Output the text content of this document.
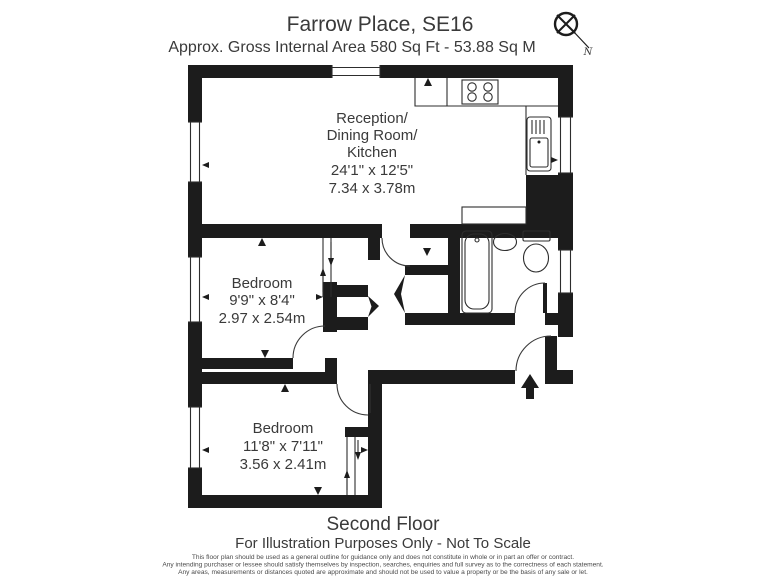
Farrow Place, SE16
Approx. Gross Internal Area 580 Sq Ft - 53.88 Sq M	N
Reception/
Dining Room/
Kitchen
24'1" x 12'5"
7.34 x 3.78m
Bedroom
9'9" x 8'4"
2.97 x 2.54m
Bedroom
11'8" x 7'11"
3.56 x 2.41m
Second Floor
For Illustration Purposes Only - Not To Scale
This floor plan should be used as a general outline for guidance only and does not constitute in whole or in part an offer or contract.
Any intending purchaser or lessee should satisfy themselves by inspection, searches, enquiries and full survey as to the correctness of each statement.
Any areas, measurements or distances quoted are approximate and should not be used to value a property or be the basis of any sale or let.
